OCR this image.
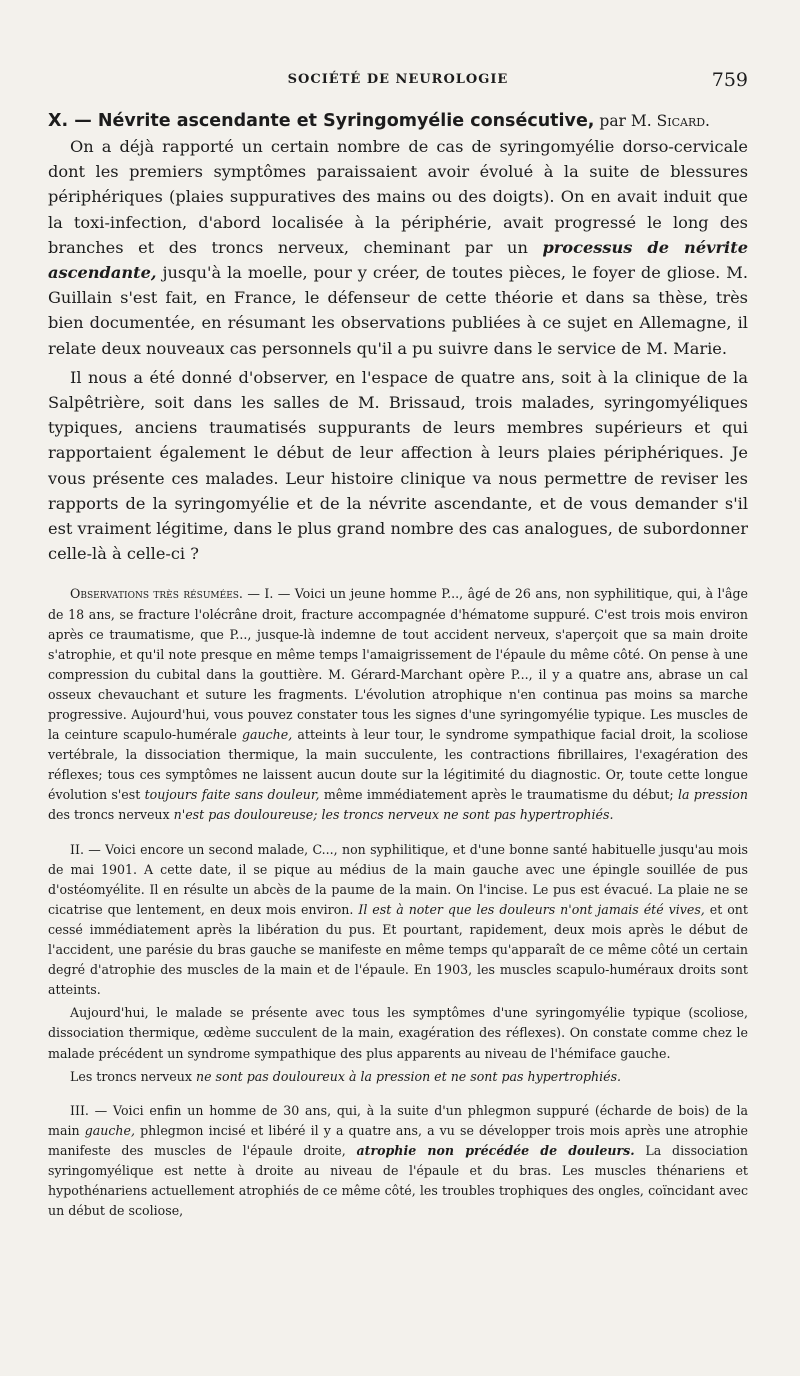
SOCIÉTÉ DE NEUROLOGIE	759
X. — Névrite ascendante et Syringomyélie consécutive, par M. Sicard.

On a déjà rapporté un certain nombre de cas de syringomyélie dorso-cervicale dont les premiers symptômes paraissaient avoir évolué à la suite de blessures périphériques (plaies suppuratives des mains ou des doigts). On en avait induit que la toxi-infection, d'abord localisée à la périphérie, avait progressé le long des branches et des troncs nerveux, cheminant par un processus de névrite ascendante, jusqu'à la moelle, pour y créer, de toutes pièces, le foyer de gliose. M. Guillain s'est fait, en France, le défenseur de cette théorie et dans sa thèse, très bien documentée, en résumant les observations publiées à ce sujet en Allemagne, il relate deux nouveaux cas personnels qu'il a pu suivre dans le service de M. Marie.

Il nous a été donné d'observer, en l'espace de quatre ans, soit à la clinique de la Salpêtrière, soit dans les salles de M. Brissaud, trois malades, syringomyéliques typiques, anciens traumatisés suppurants de leurs membres supérieurs et qui rapportaient également le début de leur affection à leurs plaies périphériques. Je vous présente ces malades. Leur histoire clinique va nous permettre de reviser les rapports de la syringomyélie et de la névrite ascendante, et de vous demander s'il est vraiment légitime, dans le plus grand nombre des cas analogues, de subordonner celle-là à celle-ci ?

Observations très résumées. — I. — Voici un jeune homme P..., âgé de 26 ans, non syphilitique, qui, à l'âge de 18 ans, se fracture l'olécrâne droit, fracture accompagnée d'hématome suppuré. C'est trois mois environ après ce traumatisme, que P..., jusque-là indemne de tout accident nerveux, s'aperçoit que sa main droite s'atrophie, et qu'il note presque en même temps l'amaigrissement de l'épaule du même côté. On pense à une compression du cubital dans la gouttière. M. Gérard-Marchant opère P..., il y a quatre ans, abrase un cal osseux chevauchant et suture les fragments. L'évolution atrophique n'en continua pas moins sa marche progressive. Aujourd'hui, vous pouvez constater tous les signes d'une syringomyélie typique. Les muscles de la ceinture scapulo-humérale gauche, atteints à leur tour, le syndrome sympathique facial droit, la scoliose vertébrale, la dissociation thermique, la main succulente, les contractions fibrillaires, l'exagération des réflexes; tous ces symptômes ne laissent aucun doute sur la légitimité du diagnostic. Or, toute cette longue évolution s'est toujours faite sans douleur, même immédiatement après le traumatisme du début; la pression des troncs nerveux n'est pas douloureuse; les troncs nerveux ne sont pas hypertrophiés.

II. — Voici encore un second malade, C..., non syphilitique, et d'une bonne santé habituelle jusqu'au mois de mai 1901. A cette date, il se pique au médius de la main gauche avec une épingle souillée de pus d'ostéomyélite. Il en résulte un abcès de la paume de la main. On l'incise. Le pus est évacué. La plaie ne se cicatrise que lentement, en deux mois environ. Il est à noter que les douleurs n'ont jamais été vives, et ont cessé immédiatement après la libération du pus. Et pourtant, rapidement, deux mois après le début de l'accident, une parésie du bras gauche se manifeste en même temps qu'apparaît de ce même côté un certain degré d'atrophie des muscles de la main et de l'épaule. En 1903, les muscles scapulo-huméraux droits sont atteints.

Aujourd'hui, le malade se présente avec tous les symptômes d'une syringomyélie typique (scoliose, dissociation thermique, œdème succulent de la main, exagération des réflexes). On constate comme chez le malade précédent un syndrome sympathique des plus apparents au niveau de l'hémiface gauche.

Les troncs nerveux ne sont pas douloureux à la pression et ne sont pas hypertrophiés.

III. — Voici enfin un homme de 30 ans, qui, à la suite d'un phlegmon suppuré (écharde de bois) de la main gauche, phlegmon incisé et libéré il y a quatre ans, a vu se développer trois mois après une atrophie manifeste des muscles de l'épaule droite, atrophie non précédée de douleurs. La dissociation syringomyélique est nette à droite au niveau de l'épaule et du bras. Les muscles thénariens et hypothénariens actuellement atrophiés de ce même côté, les troubles trophiques des ongles, coïncidant avec un début de scoliose,
